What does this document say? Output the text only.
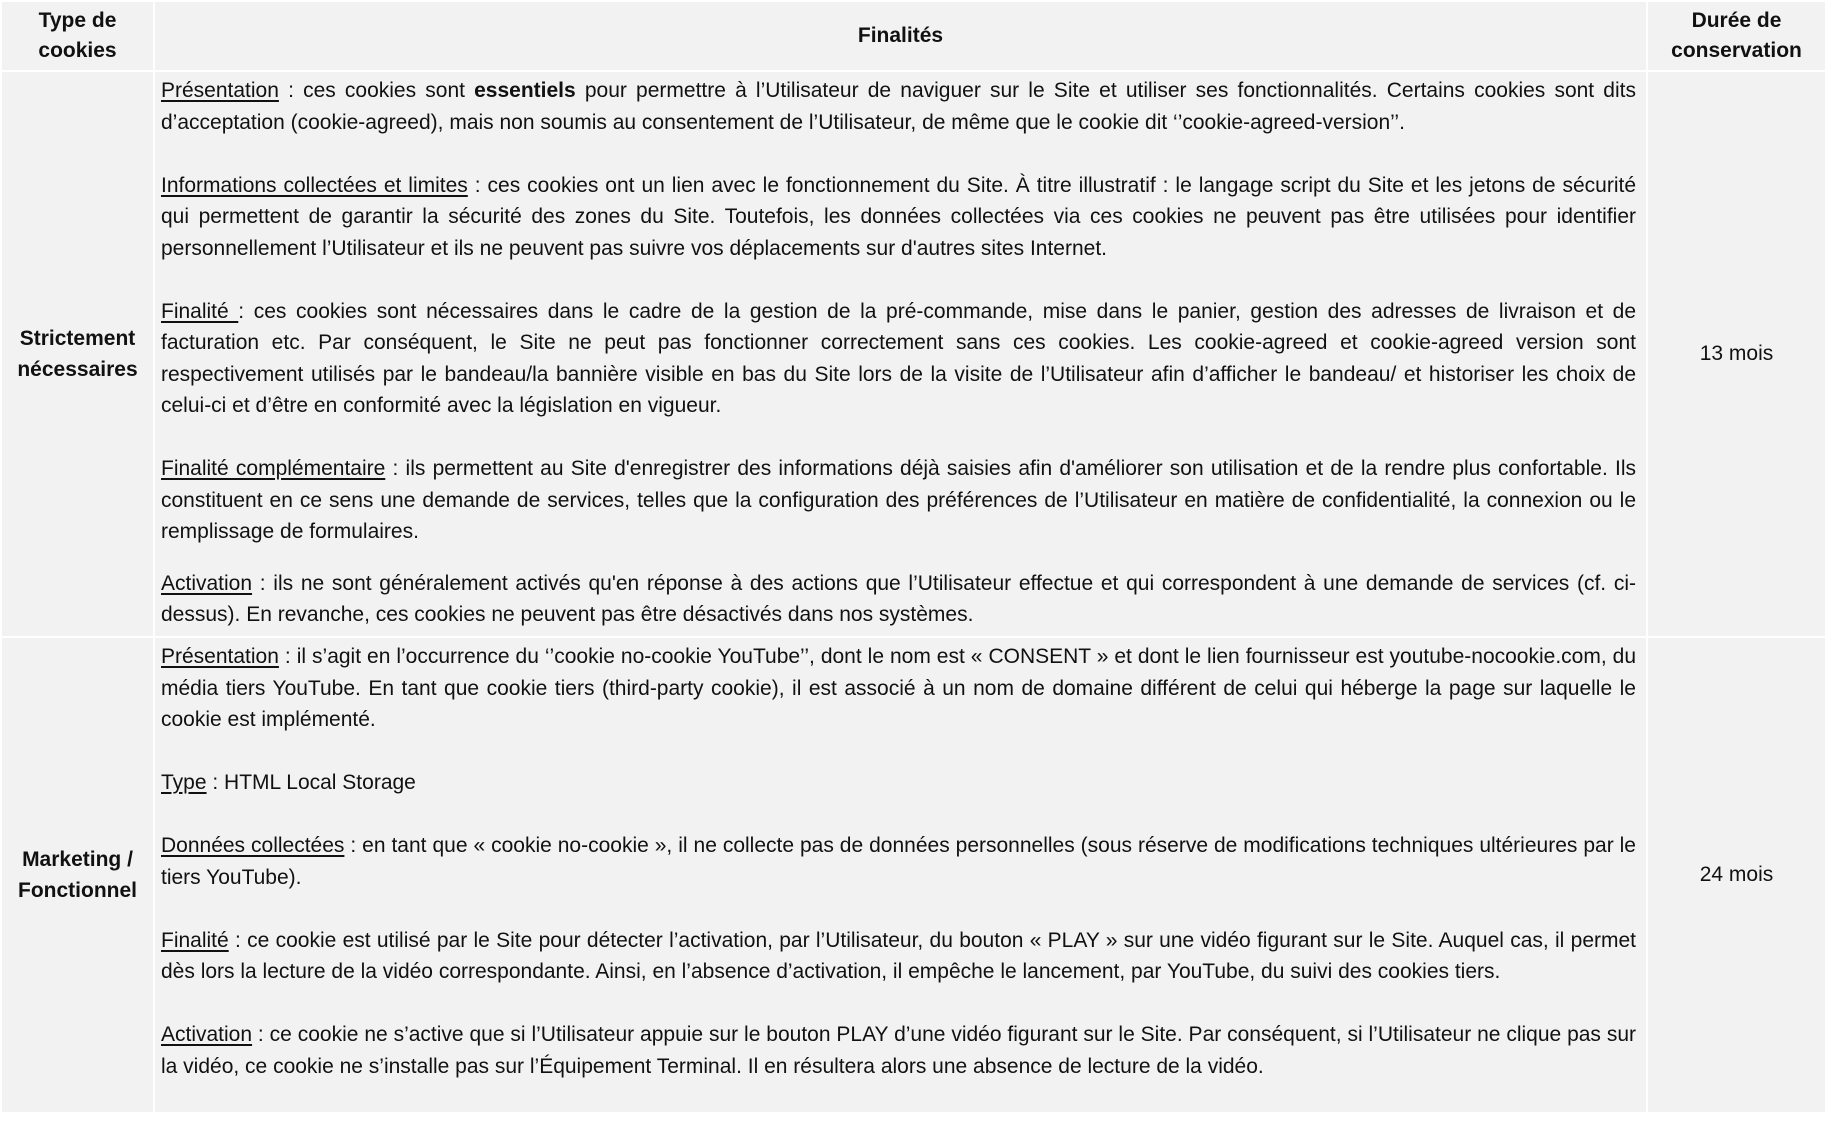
Type de cookies
Finalités
Durée de conservation
Strictement nécessaires

Présentation : ces cookies sont essentiels pour permettre à l’Utilisateur de naviguer sur le Site et utiliser ses fonctionnalités. Certains cookies sont dits d’acceptation (cookie-agreed), mais non soumis au consentement de l’Utilisateur, de même que le cookie dit ‘’cookie-agreed-version’’.

Informations collectées et limites : ces cookies ont un lien avec le fonctionnement du Site. À titre illustratif : le langage script du Site et les jetons de sécurité qui permettent de garantir la sécurité des zones du Site. Toutefois, les données collectées via ces cookies ne peuvent pas être utilisées pour identifier personnellement l’Utilisateur et ils ne peuvent pas suivre vos déplacements sur d'autres sites Internet.

Finalité : ces cookies sont nécessaires dans le cadre de la gestion de la pré-commande, mise dans le panier, gestion des adresses de livraison et de facturation etc. Par conséquent, le Site ne peut pas fonctionner correctement sans ces cookies. Les cookie-agreed et cookie-agreed version sont respectivement utilisés par le bandeau/la bannière visible en bas du Site lors de la visite de l’Utilisateur afin d’afficher le bandeau/ et historiser les choix de celui-ci et d’être en conformité avec la législation en vigueur.

Finalité complémentaire : ils permettent au Site d'enregistrer des informations déjà saisies afin d'améliorer son utilisation et de la rendre plus confortable. Ils constituent en ce sens une demande de services, telles que la configuration des préférences de l’Utilisateur en matière de confidentialité, la connexion ou le remplissage de formulaires.

Activation : ils ne sont généralement activés qu'en réponse à des actions que l’Utilisateur effectue et qui correspondent à une demande de services (cf. ci-dessus). En revanche, ces cookies ne peuvent pas être désactivés dans nos systèmes.

13 mois
Marketing / Fonctionnel

Présentation : il s’agit en l’occurrence du ‘’cookie no-cookie YouTube’’, dont le nom est « CONSENT » et dont le lien fournisseur est youtube-nocookie.com, du média tiers YouTube. En tant que cookie tiers (third-party cookie), il est associé à un nom de domaine différent de celui qui héberge la page sur laquelle le cookie est implémenté.

Type : HTML Local Storage

Données collectées : en tant que « cookie no-cookie », il ne collecte pas de données personnelles (sous réserve de modifications techniques ultérieures par le tiers YouTube).

Finalité : ce cookie est utilisé par le Site pour détecter l’activation, par l’Utilisateur, du bouton « PLAY » sur une vidéo figurant sur le Site. Auquel cas, il permet dès lors la lecture de la vidéo correspondante. Ainsi, en l’absence d’activation, il empêche le lancement, par YouTube, du suivi des cookies tiers.

Activation : ce cookie ne s’active que si l’Utilisateur appuie sur le bouton PLAY d’une vidéo figurant sur le Site. Par conséquent, si l’Utilisateur ne clique pas sur la vidéo, ce cookie ne s’installe pas sur l’Équipement Terminal. Il en résultera alors une absence de lecture de la vidéo.

24 mois
